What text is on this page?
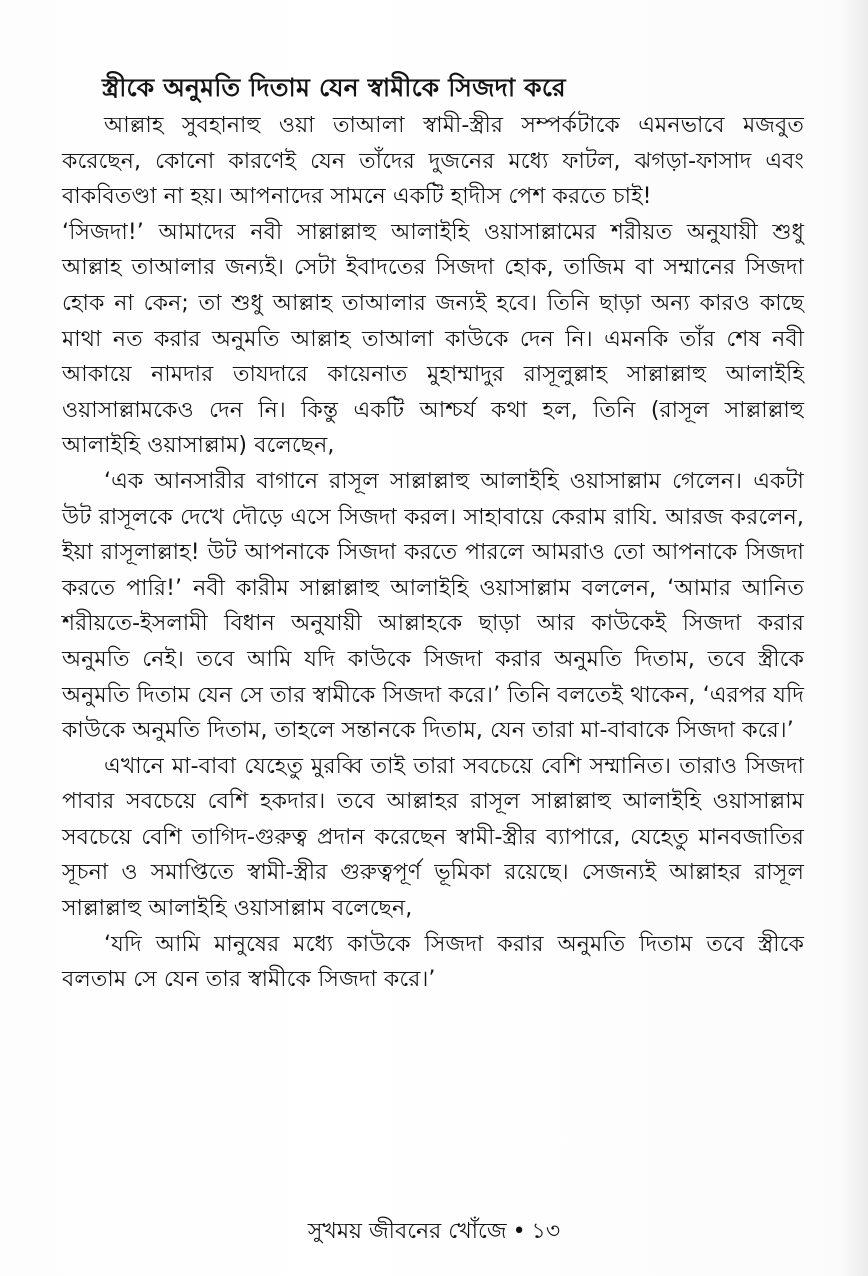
স্ত্রীকে অনুমতি দিতাম যেন স্বামীকে সিজদা করে

আল্লাহ সুবহানাহু ওয়া তাআলা স্বামী-স্ত্রীর সম্পর্কটাকে এমনভাবে মজবুত করেছেন, কোনো কারণেই যেন তাঁদের দুজনের মধ্যে ফাটল, ঝগড়া-ফাসাদ এবং বাকবিতণ্ডা না হয়। আপনাদের সামনে একটি হাদীস পেশ করতে চাই!

‘সিজদা!’ আমাদের নবী সাল্লাল্লাহু আলাইহি ওয়াসাল্লামের শরীয়ত অনুযায়ী শুধু আল্লাহ তাআলার জন্যই। সেটা ইবাদতের সিজদা হোক, তাজিম বা সম্মানের সিজদা হোক না কেন; তা শুধু আল্লাহ তাআলার জন্যই হবে। তিনি ছাড়া অন্য কারও কাছে মাথা নত করার অনুমতি আল্লাহ তাআলা কাউকে দেন নি। এমনকি তাঁর শেষ নবী আকায়ে নামদার তাযদারে কায়েনাত মুহাম্মাদুর রাসূলুল্লাহ সাল্লাল্লাহু আলাইহি ওয়াসাল্লামকেও দেন নি। কিন্তু একটি আশ্চর্য কথা হল, তিনি (রাসূল সাল্লাল্লাহু আলাইহি ওয়াসাল্লাম) বলেছেন,

‘এক আনসারীর বাগানে রাসূল সাল্লাল্লাহু আলাইহি ওয়াসাল্লাম গেলেন। একটা উট রাসূলকে দেখে দৌড়ে এসে সিজদা করল। সাহাবায়ে কেরাম রাযি. আরজ করলেন, ইয়া রাসূলাল্লাহ! উট আপনাকে সিজদা করতে পারলে আমরাও তো আপনাকে সিজদা করতে পারি!’ নবী কারীম সাল্লাল্লাহু আলাইহি ওয়াসাল্লাম বললেন, ‘আমার আনিত শরীয়তে-ইসলামী বিধান অনুযায়ী আল্লাহকে ছাড়া আর কাউকেই সিজদা করার অনুমতি নেই। তবে আমি যদি কাউকে সিজদা করার অনুমতি দিতাম, তবে স্ত্রীকে অনুমতি দিতাম যেন সে তার স্বামীকে সিজদা করে।’ তিনি বলতেই থাকেন, ‘এরপর যদি কাউকে অনুমতি দিতাম, তাহলে সন্তানকে দিতাম, যেন তারা মা-বাবাকে সিজদা করে।’

এখানে মা-বাবা যেহেতু মুরব্বি তাই তারা সবচেয়ে বেশি সম্মানিত। তারাও সিজদা পাবার সবচেয়ে বেশি হকদার। তবে আল্লাহর রাসূল সাল্লাল্লাহু আলাইহি ওয়াসাল্লাম সবচেয়ে বেশি তাগিদ-গুরুত্ব প্রদান করেছেন স্বামী-স্ত্রীর ব্যাপারে, যেহেতু মানবজাতির সূচনা ও সমাপ্তিতে স্বামী-স্ত্রীর গুরুত্বপূর্ণ ভূমিকা রয়েছে। সেজন্যই আল্লাহর রাসূল সাল্লাল্লাহু আলাইহি ওয়াসাল্লাম বলেছেন,

‘যদি আমি মানুষের মধ্যে কাউকে সিজদা করার অনুমতি দিতাম তবে স্ত্রীকে বলতাম সে যেন তার স্বামীকে সিজদা করে।’

সুখময় জীবনের খোঁজে • ১৩
